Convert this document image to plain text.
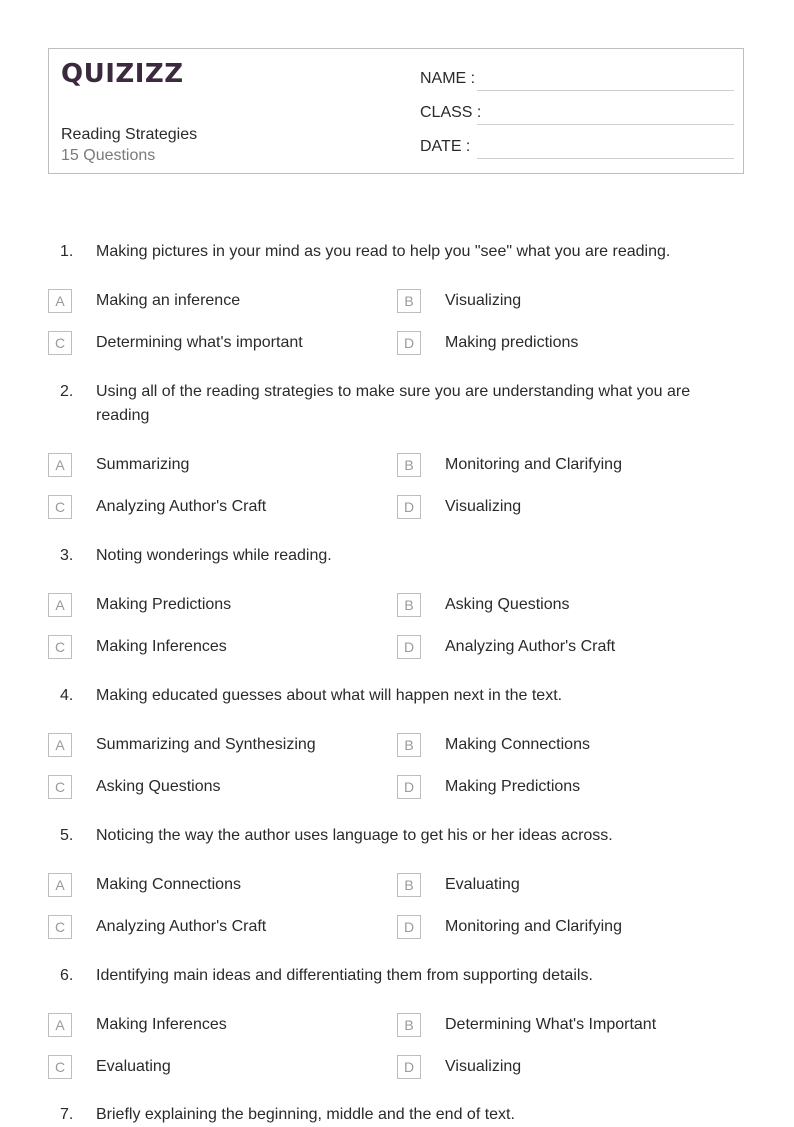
QUIZIZZ
Reading Strategies
15 Questions
NAME :
CLASS :
DATE :
1. Making pictures in your mind as you read to help you "see" what you are reading.
A	Making an inference	B	Visualizing
C	Determining what's important	D	Making predictions
2. Using all of the reading strategies to make sure you are understanding what you are reading
A	Summarizing	B	Monitoring and Clarifying
C	Analyzing Author's Craft	D	Visualizing
3. Noting wonderings while reading.
A	Making Predictions	B	Asking Questions
C	Making Inferences	D	Analyzing Author's Craft
4. Making educated guesses about what will happen next in the text.
A	Summarizing and Synthesizing	B	Making Connections
C	Asking Questions	D	Making Predictions
5. Noticing the way the author uses language to get his or her ideas across.
A	Making Connections	B	Evaluating
C	Analyzing Author's Craft	D	Monitoring and Clarifying
6. Identifying main ideas and differentiating them from supporting details.
A	Making Inferences	B	Determining What's Important
C	Evaluating	D	Visualizing
7. Briefly explaining the beginning, middle and the end of text.
